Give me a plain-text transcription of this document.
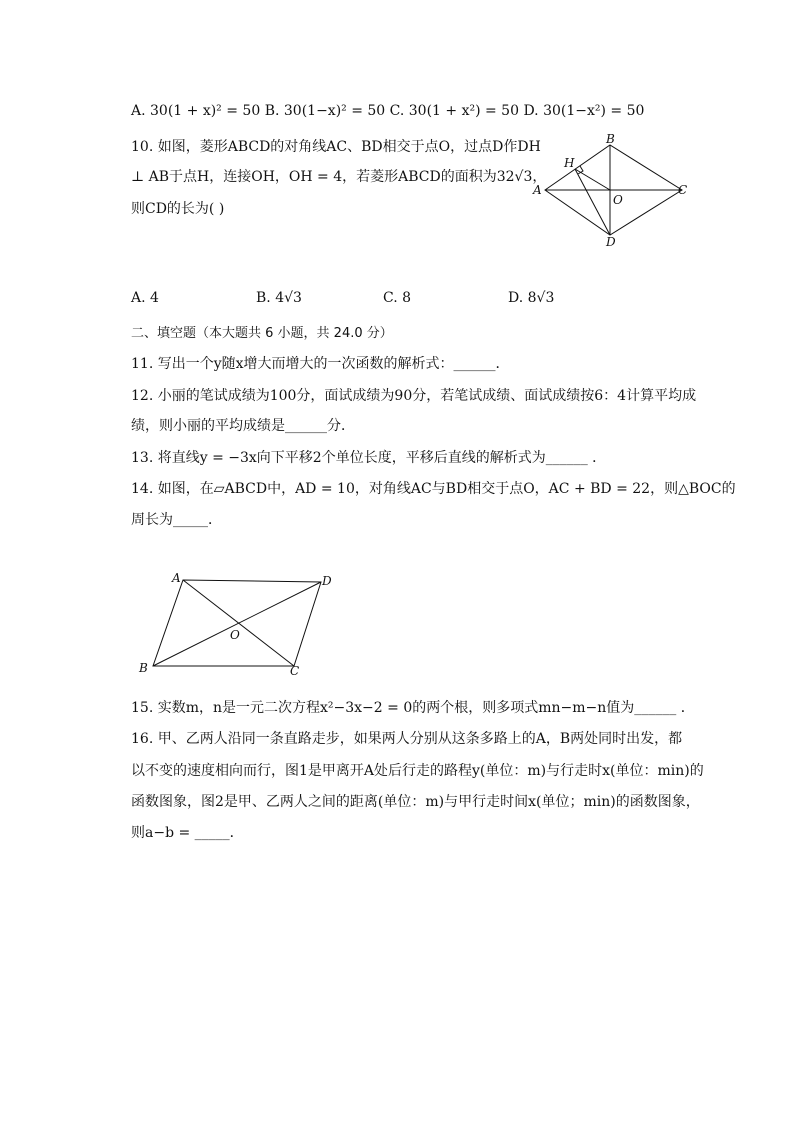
A. 30(1 + x)² = 50 B. 30(1−x)² = 50 C. 30(1 + x²) = 50 D. 30(1−x²) = 50
10. 如图，菱形ABCD的对角线AC、BD相交于点O，过点D作DH
⊥ AB于点H，连接OH，OH = 4，若菱形ABCD的面积为32√3，
则CD的长为( )
B
H
A
O
C
D
A. 4	B. 4√3	C. 8	D. 8√3
二、填空题（本大题共 6 小题，共 24.0 分）
11. 写出一个y随x增大而增大的一次函数的解析式：______．
12. 小丽的笔试成绩为100分，面试成绩为90分，若笔试成绩、面试成绩按6：4计算平均成
绩，则小丽的平均成绩是______分．
13. 将直线y = −3x向下平移2个单位长度，平移后直线的解析式为______ ．
14. 如图，在▱ABCD中，AD = 10，对角线AC与BD相交于点O，AC + BD = 22，则△BOC的
周长为_____．
A	D
O
B	C
15. 实数m，n是一元二次方程x²−3x−2 = 0的两个根，则多项式mn−m−n值为______ ．
16. 甲、乙两人沿同一条直路走步，如果两人分别从这条多路上的A，B两处同时出发，都
以不变的速度相向而行，图1是甲离开A处后行走的路程y(单位：m)与行走时x(单位：min)的
函数图象，图2是甲、乙两人之间的距离(单位：m)与甲行走时间x(单位；min)的函数图象，
则a−b = _____．
